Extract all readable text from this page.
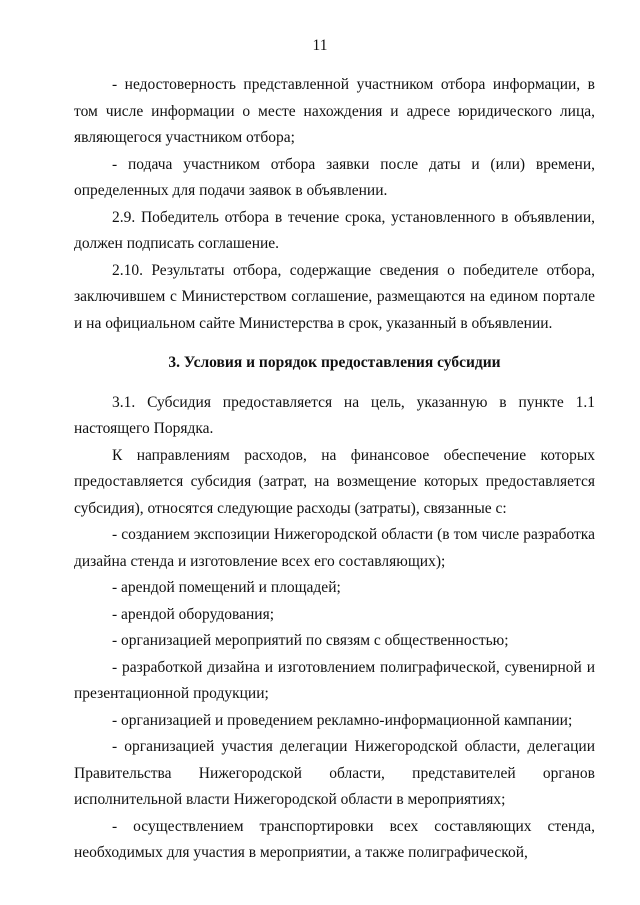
11

- недостоверность представленной участником отбора информации, в том числе информации о месте нахождения и адресе юридического лица, являющегося участником отбора;

- подача участником отбора заявки после даты и (или) времени, определенных для подачи заявок в объявлении.

2.9. Победитель отбора в течение срока, установленного в объявлении, должен подписать соглашение.

2.10. Результаты отбора, содержащие сведения о победителе отбора, заключившем с Министерством соглашение, размещаются на едином портале и на официальном сайте Министерства в срок, указанный в объявлении.

3. Условия и порядок предоставления субсидии

3.1. Субсидия предоставляется на цель, указанную в пункте 1.1 настоящего Порядка.

К направлениям расходов, на финансовое обеспечение которых предоставляется субсидия (затрат, на возмещение которых предоставляется субсидия), относятся следующие расходы (затраты), связанные с:

- созданием экспозиции Нижегородской области (в том числе разработка дизайна стенда и изготовление всех его составляющих);

- арендой помещений и площадей;

- арендой оборудования;

- организацией мероприятий по связям с общественностью;

- разработкой дизайна и изготовлением полиграфической, сувенирной и презентационной продукции;

- организацией и проведением рекламно-информационной кампании;

- организацией участия делегации Нижегородской области, делегации Правительства Нижегородской области, представителей органов исполнительной власти Нижегородской области в мероприятиях;

- осуществлением транспортировки всех составляющих стенда, необходимых для участия в мероприятии, а также полиграфической,
